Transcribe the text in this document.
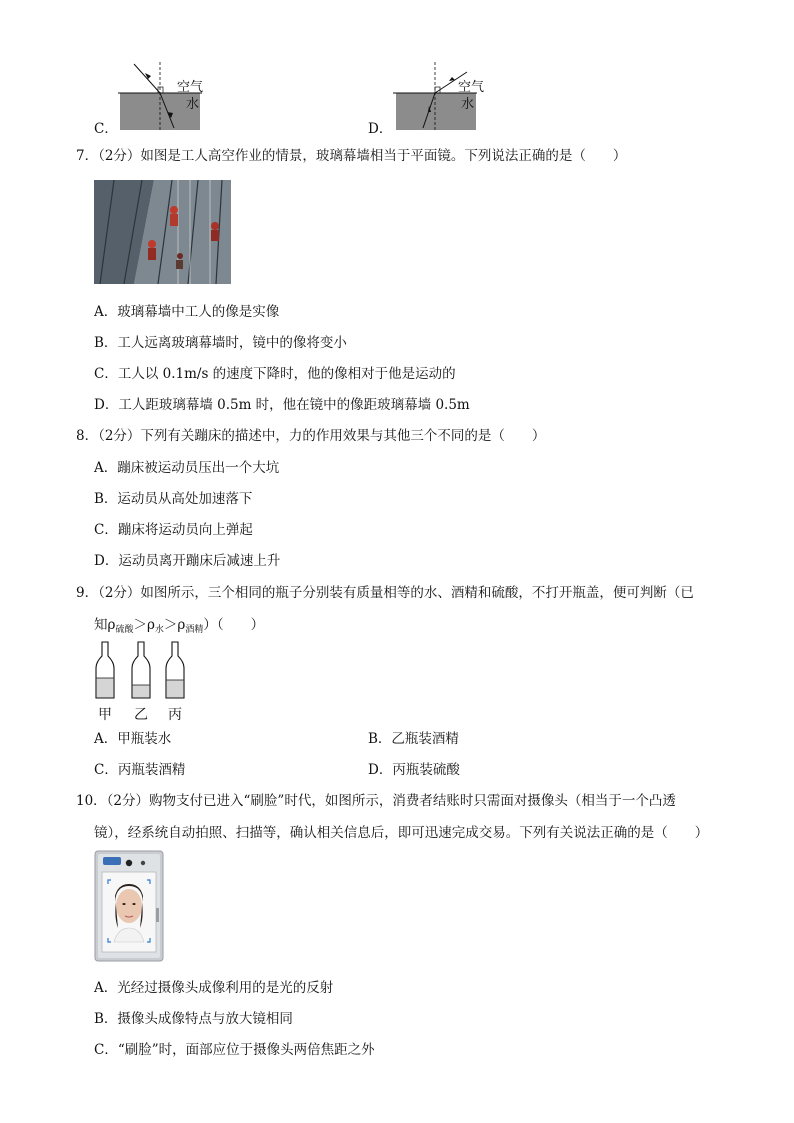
空气
水
C．
空气
水
D．
7．（2分）如图是工人高空作业的情景，玻璃幕墙相当于平面镜。下列说法正确的是（　　）
A．玻璃幕墙中工人的像是实像
B．工人远离玻璃幕墙时，镜中的像将变小
C．工人以 0.1m/s 的速度下降时，他的像相对于他是运动的
D．工人距玻璃幕墙 0.5m 时，他在镜中的像距玻璃幕墙 0.5m
8．（2分）下列有关蹦床的描述中，力的作用效果与其他三个不同的是（　　）
A．蹦床被运动员压出一个大坑
B．运动员从高处加速落下
C．蹦床将运动员向上弹起
D．运动员离开蹦床后减速上升
9．（2分）如图所示，三个相同的瓶子分别装有质量相等的水、酒精和硫酸，不打开瓶盖，便可判断（已
知$\rho_{硫酸}>\rho_水>\rho_{酒精}$）（　　）
甲 乙 丙
A．甲瓶装水	B．乙瓶装酒精
C．丙瓶装酒精	D．丙瓶装硫酸
10．（2分）购物支付已进入“刷脸”时代，如图所示，消费者结账时只需面对摄像头（相当于一个凸透
镜），经系统自动拍照、扫描等，确认相关信息后，即可迅速完成交易。下列有关说法正确的是（　　）
A．光经过摄像头成像利用的是光的反射
B．摄像头成像特点与放大镜相同
C．“刷脸”时，面部应位于摄像头两倍焦距之外
